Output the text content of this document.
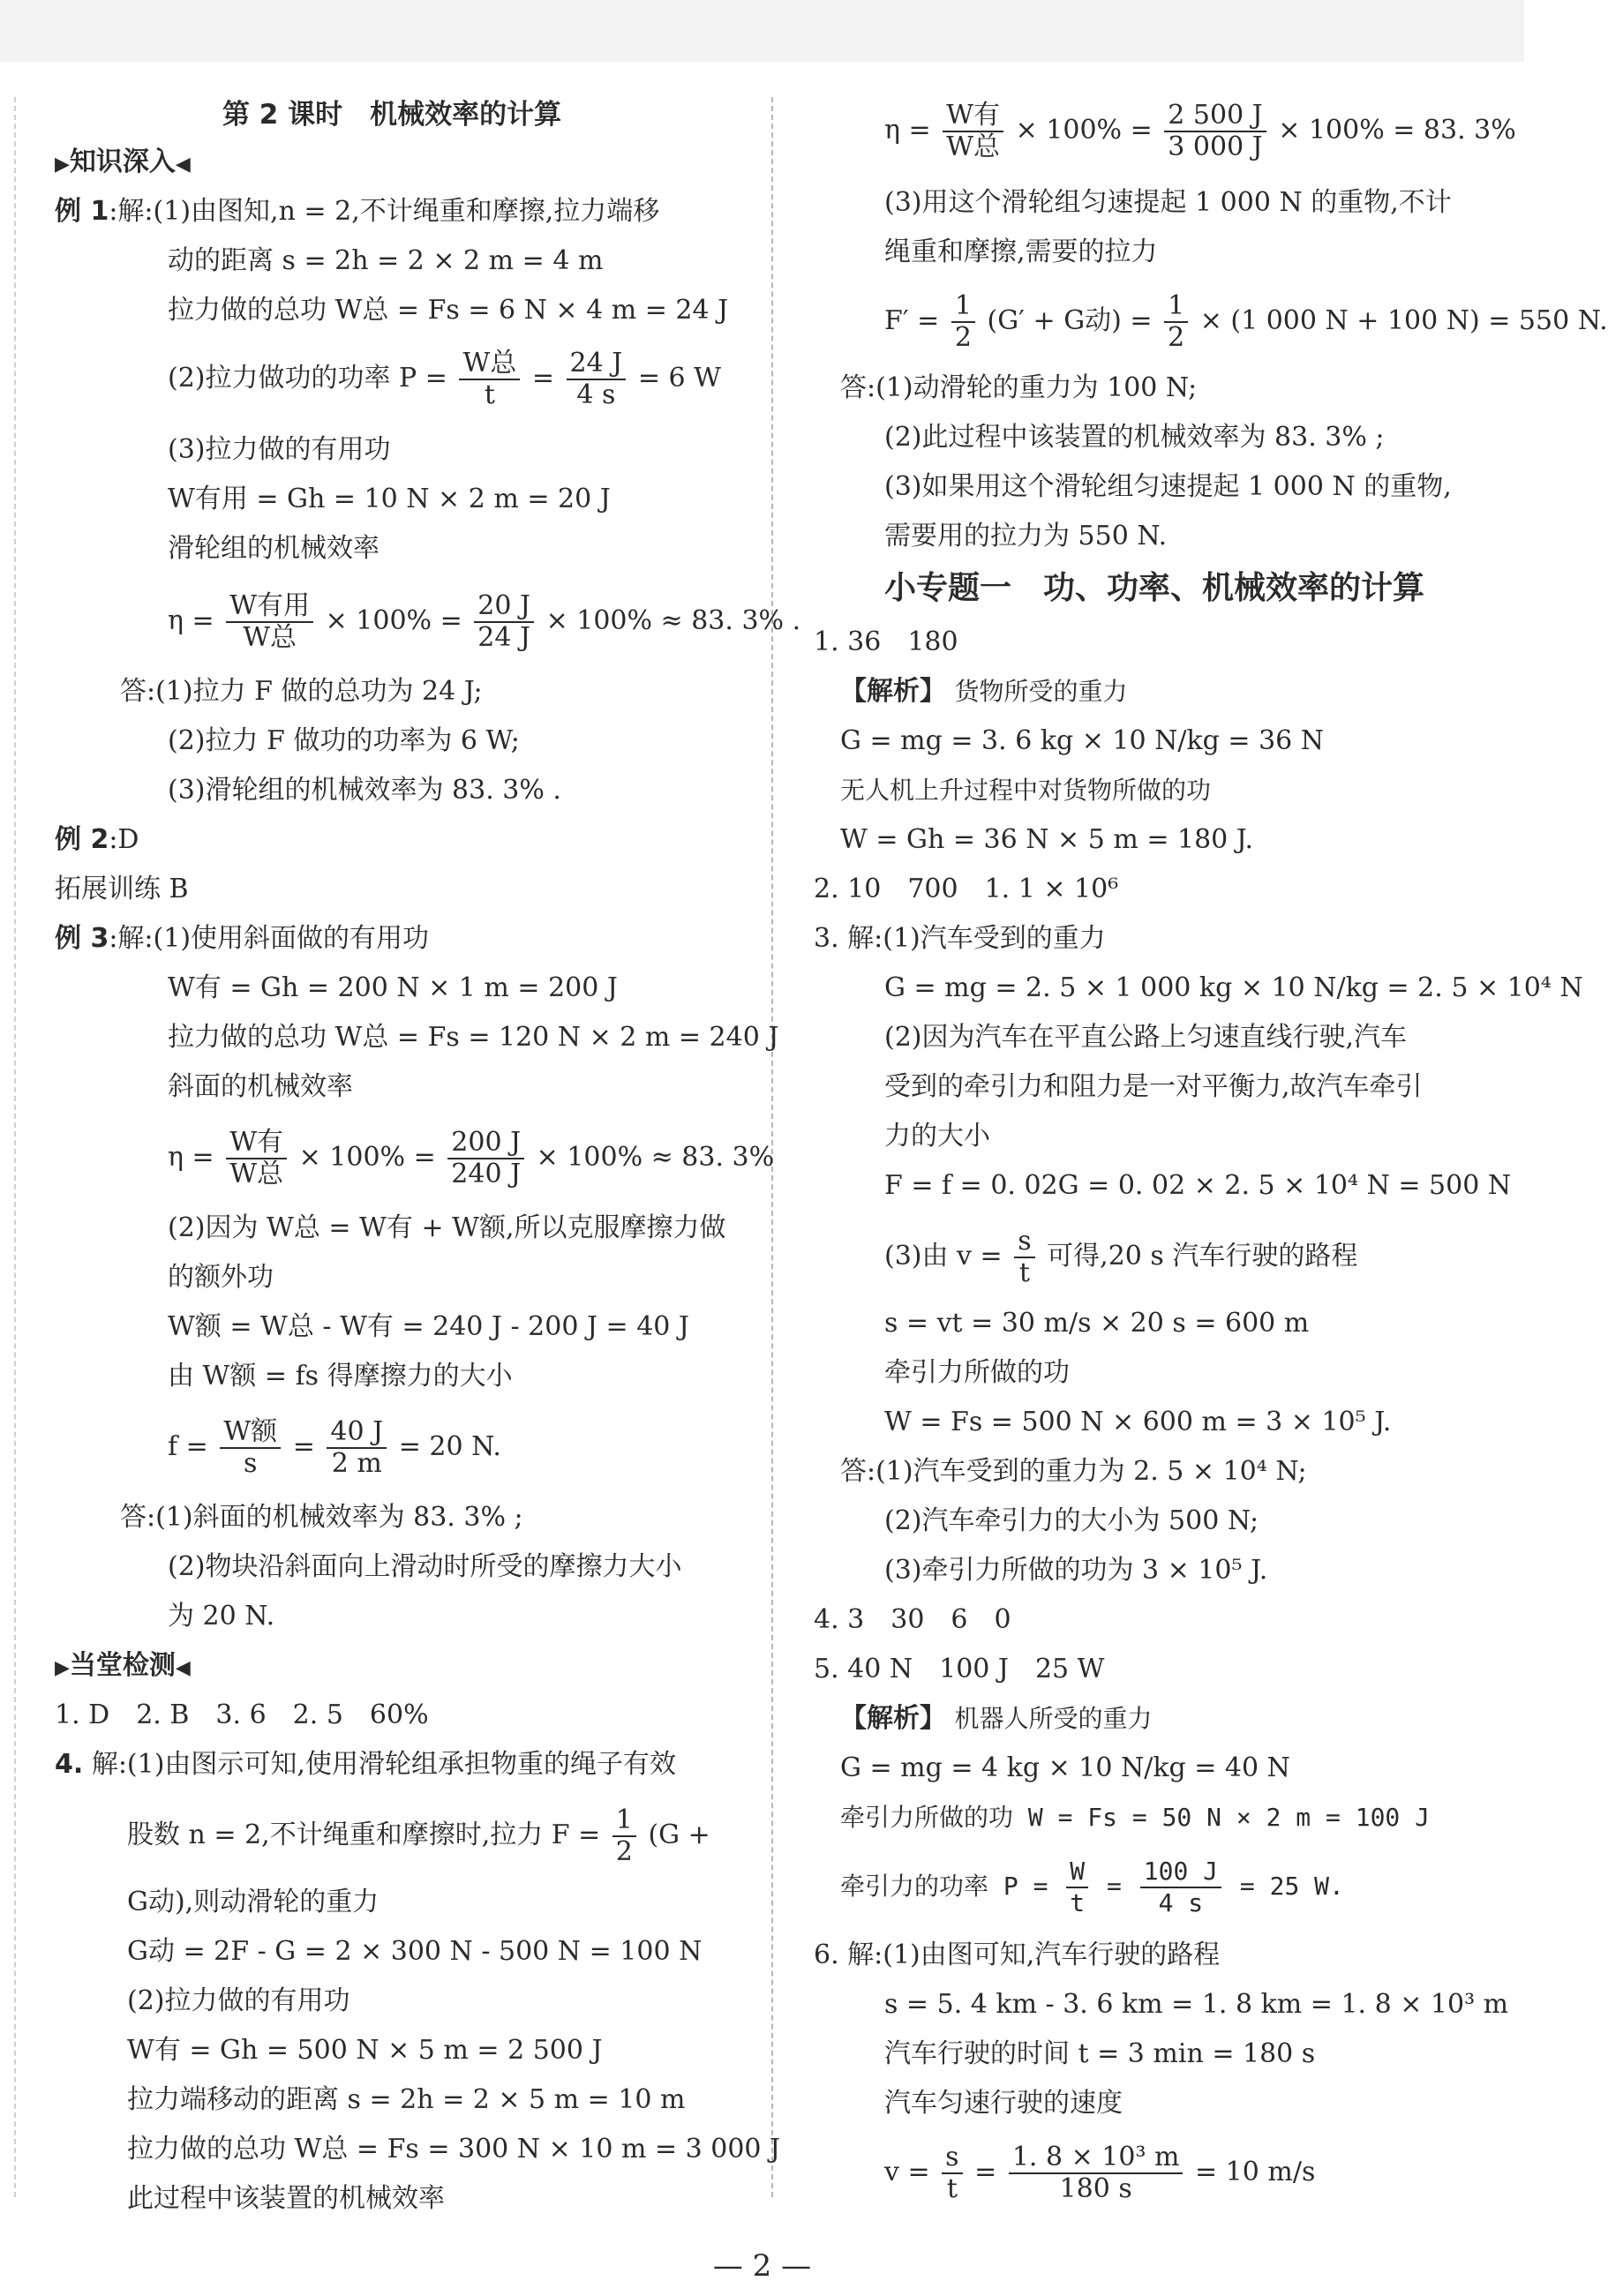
第 2 课时　机械效率的计算
▶知识深入◀
例 1:解:(1)由图知,n = 2,不计绳重和摩擦,拉力端移
动的距离 s = 2h = 2 × 2 m = 4 m
拉力做的总功 W总 = Fs = 6 N × 4 m = 24 J
(2)拉力做功的功率 $P = \frac{\text{W总}}{t} = \frac{24 J}{4 s} = 6$ W
(3)拉力做的有用功
W有用 = Gh = 10 N × 2 m = 20 J
滑轮组的机械效率
$\eta = \frac{\text{W有用}}{\text{W总}} \times 100\% = \frac{20 J}{24 J} \times 100\% \approx 83$. 3% .
答:(1)拉力 F 做的总功为 24 J;
(2)拉力 F 做功的功率为 6 W;
(3)滑轮组的机械效率为 83. 3% .
例 2:D
拓展训练 B
例 3:解:(1)使用斜面做的有用功
W有 = Gh = 200 N × 1 m = 200 J
拉力做的总功 W总 = Fs = 120 N × 2 m = 240 J
斜面的机械效率
$\eta = \frac{\text{W有}}{\text{W总}} \times 100\% = \frac{200 J}{240 J} \times 100\% \approx 83$. 3%
(2)因为 W总 = W有 + W额,所以克服摩擦力做
的额外功
W额 = W总 - W有 = 240 J - 200 J = 40 J
由 W额 = fs 得摩擦力的大小
$f = \frac{\text{W额}}{s} = \frac{40 J}{2 m} = 20$ N.
答:(1)斜面的机械效率为 83. 3% ;
(2)物块沿斜面向上滑动时所受的摩擦力大小
为 20 N.
▶当堂检测◀
1. D　2. B　3. 6　2. 5　60%
4. 解:(1)由图示可知,使用滑轮组承担物重的绳子有效
股数 n = 2,不计绳重和摩擦时,拉力 $F = \frac{1}{2} (G$ +
G动),则动滑轮的重力
G动 = 2F - G = 2 × 300 N - 500 N = 100 N
(2)拉力做的有用功
W有 = Gh = 500 N × 5 m = 2 500 J
拉力端移动的距离 s = 2h = 2 × 5 m = 10 m
拉力做的总功 W总 = Fs = 300 N × 10 m = 3 000 J
此过程中该装置的机械效率
$\eta = \frac{\text{W有}}{\text{W总}} \times 100\% = \frac{2 500 J}{3 000 J} \times 100\% = 83$. 3%
(3)用这个滑轮组匀速提起 1 000 N 的重物,不计
绳重和摩擦,需要的拉力
$F' = \frac{1}{2} (G' + G$动) = $\frac{1}{2} \times (1$ 000 N + 100 N) = 550 N.
答:(1)动滑轮的重力为 100 N;
(2)此过程中该装置的机械效率为 83. 3% ;
(3)如果用这个滑轮组匀速提起 1 000 N 的重物,
需要用的拉力为 550 N.
小专题一　功、功率、机械效率的计算
1. 36　180
【解析】 货物所受的重力
G = mg = 3. 6 kg × 10 N/kg = 36 N
无人机上升过程中对货物所做的功
W = Gh = 36 N × 5 m = 180 J.
2. 10　700　1. 1 × 10⁶
3. 解:(1)汽车受到的重力
G = mg = 2. 5 × 1 000 kg × 10 N/kg = 2. 5 × 10⁴ N
(2)因为汽车在平直公路上匀速直线行驶,汽车
受到的牵引力和阻力是一对平衡力,故汽车牵引
力的大小
F = f = 0. 02G = 0. 02 × 2. 5 × 10⁴ N = 500 N
(3)由 $v = \frac{s}{t}$ 可得,20 s 汽车行驶的路程
s = vt = 30 m/s × 20 s = 600 m
牵引力所做的功
W = Fs = 500 N × 600 m = 3 × 10⁵ J.
答:(1)汽车受到的重力为 2. 5 × 10⁴ N;
(2)汽车牵引力的大小为 500 N;
(3)牵引力所做的功为 3 × 10⁵ J.
4. 3　30　6　0
5. 40 N　100 J　25 W
【解析】 机器人所受的重力
G = mg = 4 kg × 10 N/kg = 40 N
牵引力所做的功 W = Fs = 50 N × 2 m = 100 J
牵引力的功率 $P = \frac{W}{t} = \frac{100 J}{4 s} = 25$ W.
6. 解:(1)由图可知,汽车行驶的路程
s = 5. 4 km - 3. 6 km = 1. 8 km = 1. 8 × 10³ m
汽车行驶的时间 t = 3 min = 180 s
汽车匀速行驶的速度
$v = \frac{s}{t} = \frac{\text{1. 8 × 10³ m}}{180 s} = 10$ m/s
— 2 —
